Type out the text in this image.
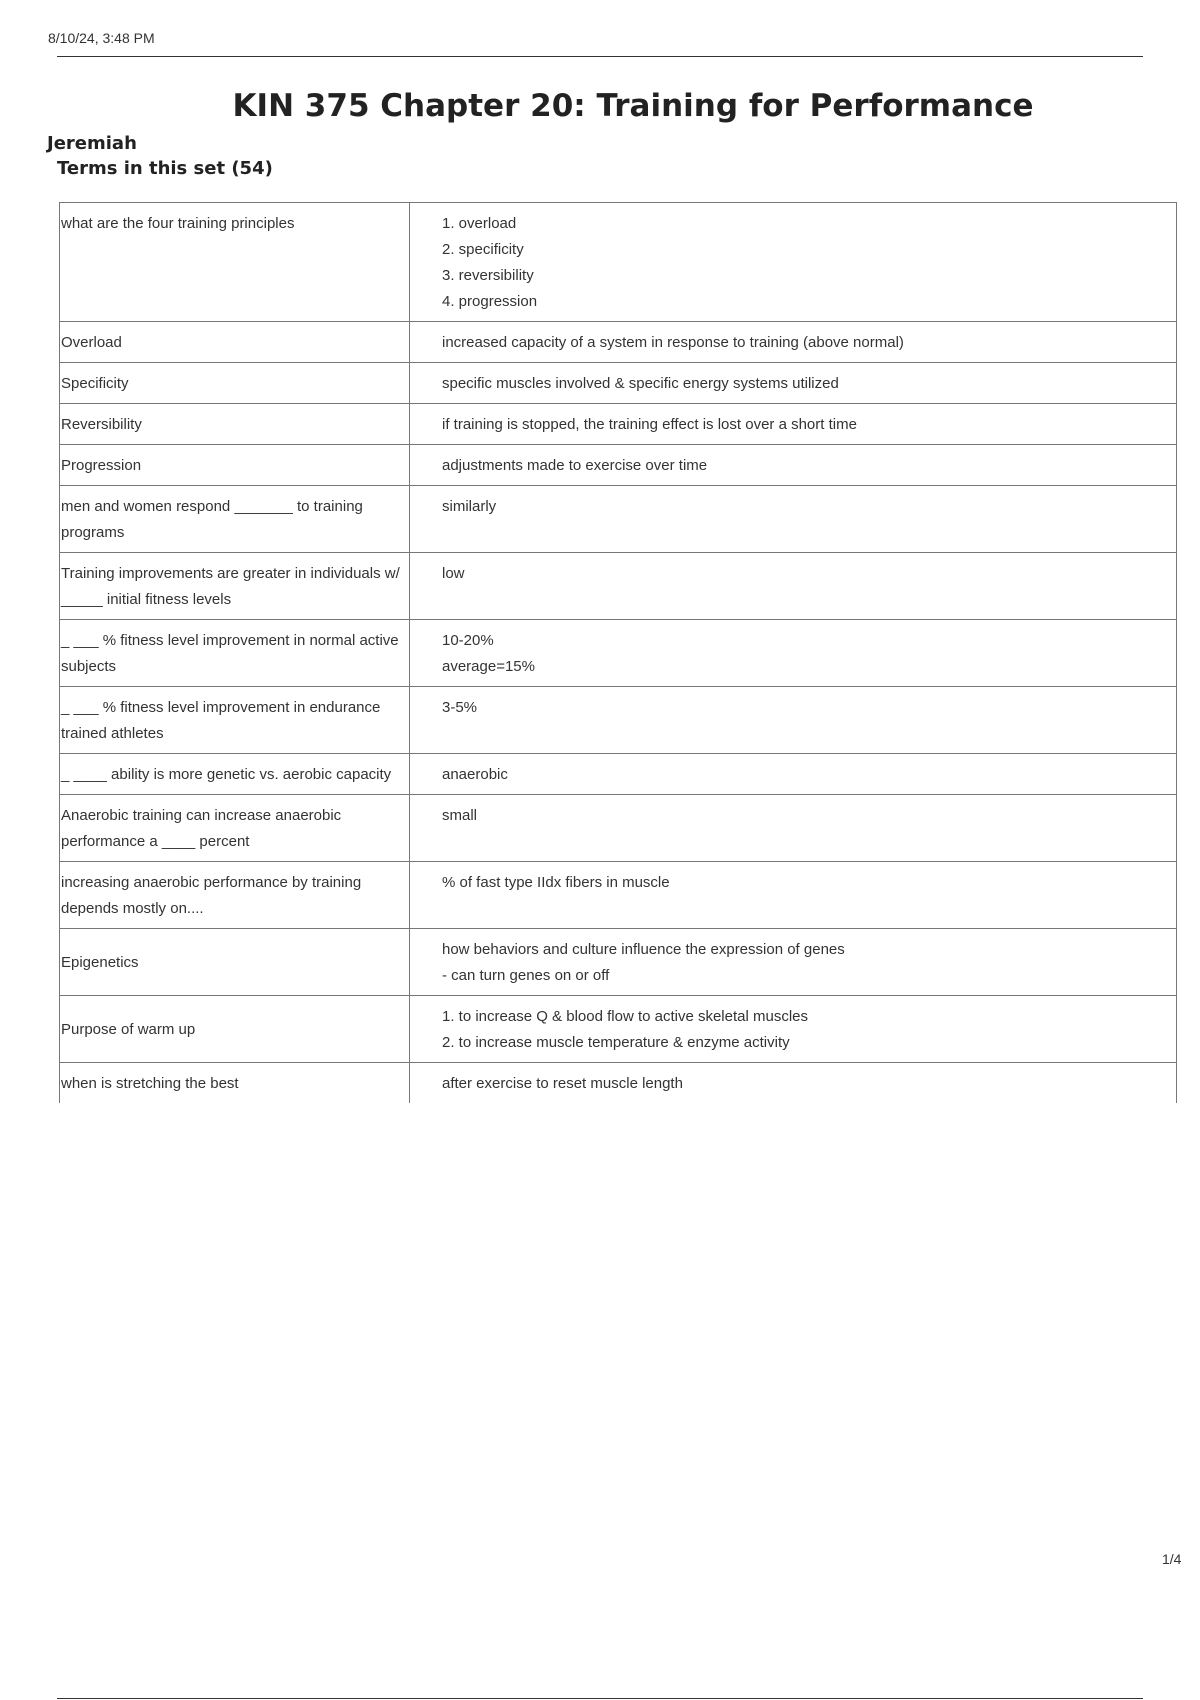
8/10/24, 3:48 PM
KIN 375 Chapter 20: Training for Performance
Jeremiah
Terms in this set (54)
what are the four training principles	1. overload
2. specificity
3. reversibility
4. progression

Overload	increased capacity of a system in response to training (above normal)

Specificity	specific muscles involved & specific energy systems utilized

Reversibility	if training is stopped, the training effect is lost over a short time

Progression	adjustments made to exercise over time

men and women respond _______ to training programs	similarly

Training improvements are greater in individuals w/ _____ initial fitness levels	low

_ ___ % fitness level improvement in normal active subjects	10-20%
average=15%

_ ___ % fitness level improvement in endurance trained athletes	3-5%

_ ____ ability is more genetic vs. aerobic capacity	anaerobic

Anaerobic training can increase anaerobic performance a ____ percent	small

increasing anaerobic performance by training depends mostly on....	% of fast type IIdx fibers in muscle

Epigenetics	how behaviors and culture influence the expression of genes
- can turn genes on or off

Purpose of warm up	1. to increase Q & blood flow to active skeletal muscles
2. to increase muscle temperature & enzyme activity

when is stretching the best	after exercise to reset muscle length
1/4
